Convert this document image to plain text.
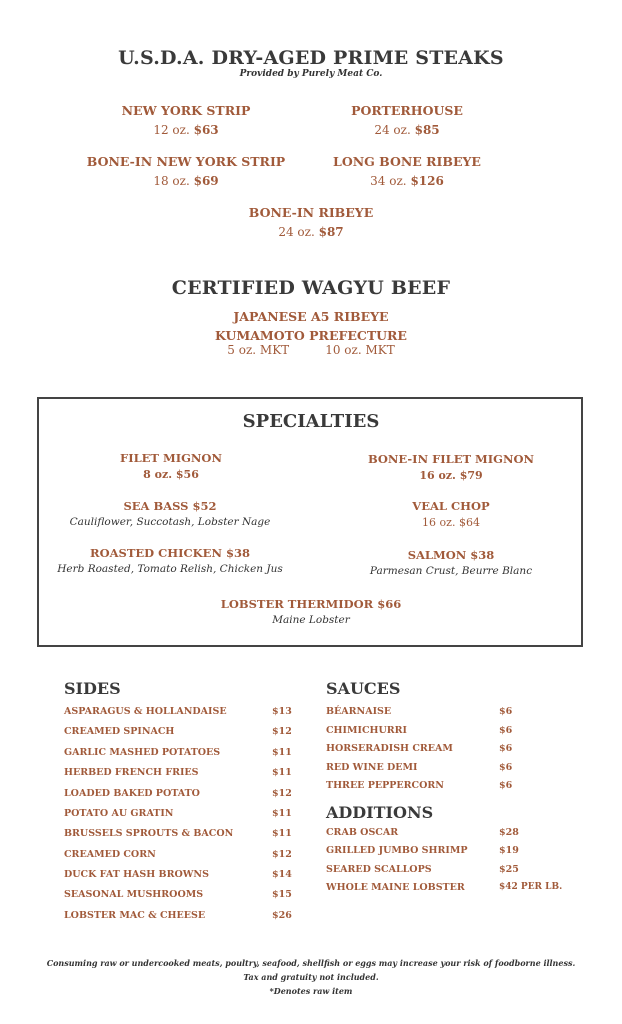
U.S.D.A. DRY-AGED PRIME STEAKS
Provided by Purely Meat Co.
NEW YORK STRIP
12 oz. $63
PORTERHOUSE
24 oz. $85
BONE-IN NEW YORK STRIP
18 oz. $69
LONG BONE RIBEYE
34 oz. $126
BONE-IN RIBEYE
24 oz. $87
CERTIFIED WAGYU BEEF
JAPANESE A5 RIBEYE
KUMAMOTO PREFECTURE
5 oz. MKT	10 oz. MKT
SPECIALTIES
FILET MIGNON
8 oz. $56
BONE-IN FILET MIGNON
16 oz. $79
SEA BASS $52
Cauliflower, Succotash, Lobster Nage
VEAL CHOP
16 oz. $64
ROASTED CHICKEN $38
Herb Roasted, Tomato Relish, Chicken Jus
SALMON $38
Parmesan Crust, Beurre Blanc
LOBSTER THERMIDOR $66
Maine Lobster
SIDES
ASPARAGUS & HOLLANDAISE	$13
CREAMED SPINACH	$12
GARLIC MASHED POTATOES	$11
HERBED FRENCH FRIES	$11
LOADED BAKED POTATO	$12
POTATO AU GRATIN	$11
BRUSSELS SPROUTS & BACON	$11
CREAMED CORN	$12
DUCK FAT HASH BROWNS	$14
SEASONAL MUSHROOMS	$15
LOBSTER MAC & CHEESE	$26
SAUCES
BÉARNAISE	$6
CHIMICHURRI	$6
HORSERADISH CREAM	$6
RED WINE DEMI	$6
THREE PEPPERCORN	$6
ADDITIONS
CRAB OSCAR	$28
GRILLED JUMBO SHRIMP	$19
SEARED SCALLOPS	$25
WHOLE MAINE LOBSTER	$42 PER LB.
Consuming raw or undercooked meats, poultry, seafood, shellfish or eggs may increase your risk of foodborne illness.
Tax and gratuity not included.
*Denotes raw item
